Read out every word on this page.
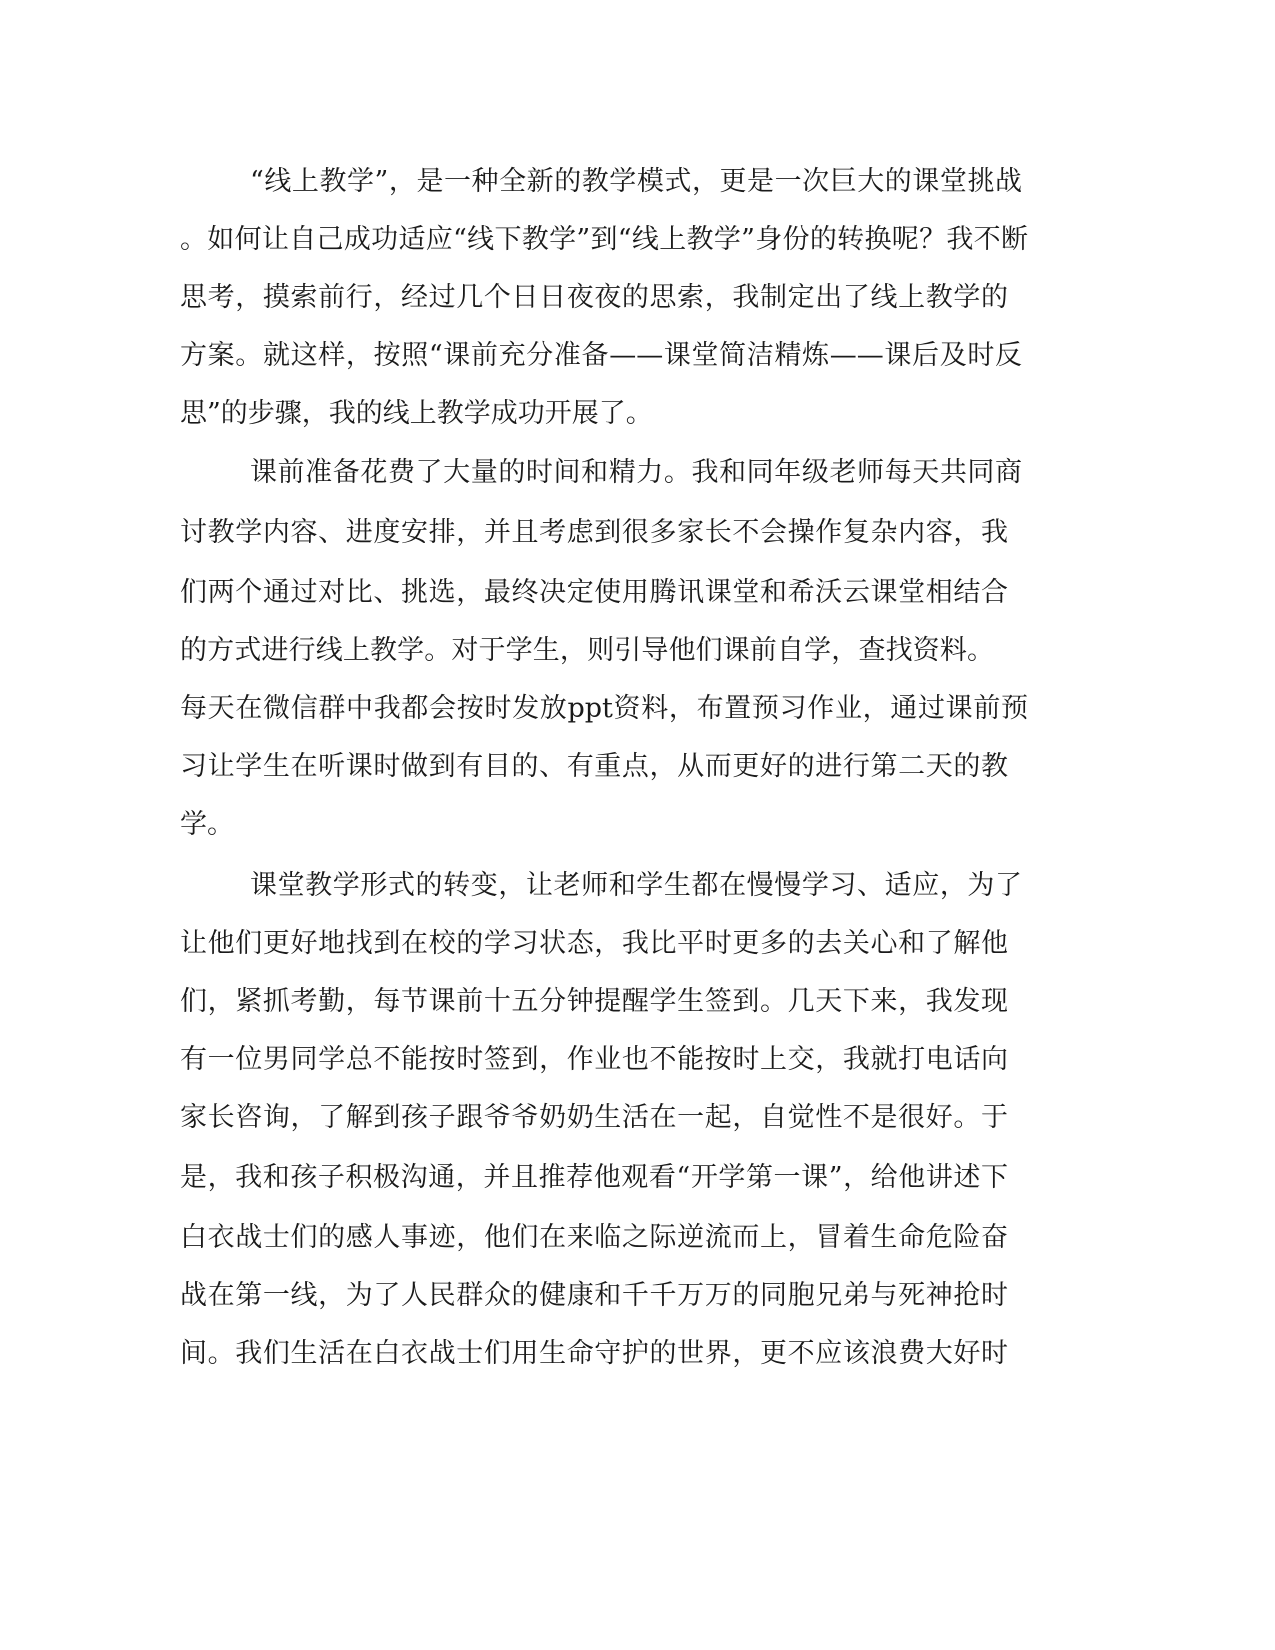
“线上教学”，是一种全新的教学模式，更是一次巨大的课堂挑战
。如何让自己成功适应“线下教学”到“线上教学”身份的转换呢？我不断
思考，摸索前行，经过几个日日夜夜的思索，我制定出了线上教学的
方案。就这样，按照“课前充分准备——课堂简洁精炼——课后及时反
思”的步骤，我的线上教学成功开展了。
课前准备花费了大量的时间和精力。我和同年级老师每天共同商
讨教学内容、进度安排，并且考虑到很多家长不会操作复杂内容，我
们两个通过对比、挑选，最终决定使用腾讯课堂和希沃云课堂相结合
的方式进行线上教学。对于学生，则引导他们课前自学，查找资料。
每天在微信群中我都会按时发放ppt资料，布置预习作业，通过课前预
习让学生在听课时做到有目的、有重点，从而更好的进行第二天的教
学。
课堂教学形式的转变，让老师和学生都在慢慢学习、适应，为了
让他们更好地找到在校的学习状态，我比平时更多的去关心和了解他
们，紧抓考勤，每节课前十五分钟提醒学生签到。几天下来，我发现
有一位男同学总不能按时签到，作业也不能按时上交，我就打电话向
家长咨询，了解到孩子跟爷爷奶奶生活在一起，自觉性不是很好。于
是，我和孩子积极沟通，并且推荐他观看“开学第一课”，给他讲述下
白衣战士们的感人事迹，他们在来临之际逆流而上，冒着生命危险奋
战在第一线，为了人民群众的健康和千千万万的同胞兄弟与死神抢时
间。我们生活在白衣战士们用生命守护的世界，更不应该浪费大好时
